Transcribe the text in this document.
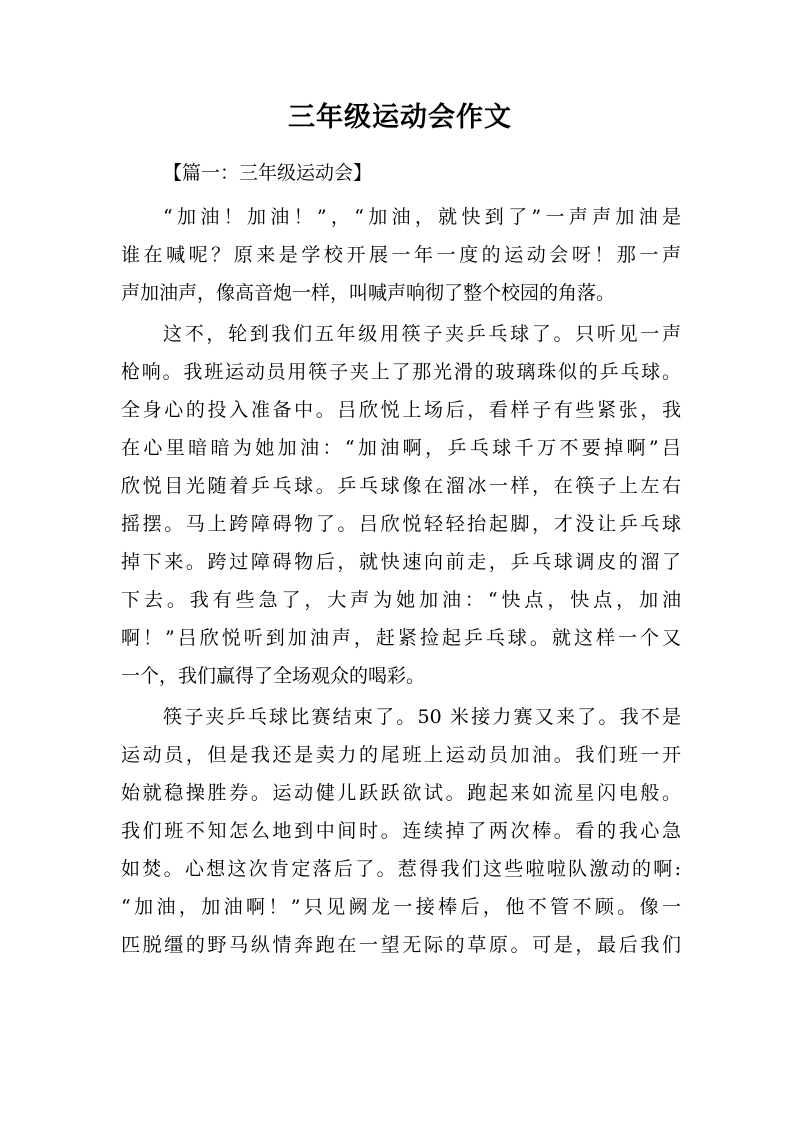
三年级运动会作文
【篇一：三年级运动会】
“加油！加油！”，“加油，就快到了”一声声加油是
谁在喊呢？原来是学校开展一年一度的运动会呀！那一声
声加油声，像高音炮一样，叫喊声响彻了整个校园的角落。
这不，轮到我们五年级用筷子夹乒乓球了。只听见一声
枪响。我班运动员用筷子夹上了那光滑的玻璃珠似的乒乓球。
全身心的投入准备中。吕欣悦上场后，看样子有些紧张，我
在心里暗暗为她加油：“加油啊，乒乓球千万不要掉啊”吕
欣悦目光随着乒乓球。乒乓球像在溜冰一样，在筷子上左右
摇摆。马上跨障碍物了。吕欣悦轻轻抬起脚，才没让乒乓球
掉下来。跨过障碍物后，就快速向前走，乒乓球调皮的溜了
下去。我有些急了，大声为她加油：“快点，快点，加油
啊！”吕欣悦听到加油声，赶紧捡起乒乓球。就这样一个又
一个，我们赢得了全场观众的喝彩。
筷子夹乒乓球比赛结束了。50 米接力赛又来了。我不是
运动员，但是我还是卖力的尾班上运动员加油。我们班一开
始就稳操胜券。运动健儿跃跃欲试。跑起来如流星闪电般。
我们班不知怎么地到中间时。连续掉了两次棒。看的我心急
如焚。心想这次肯定落后了。惹得我们这些啦啦队激动的啊:
“加油，加油啊！”只见阙龙一接棒后，他不管不顾。像一
匹脱缰的野马纵情奔跑在一望无际的草原。可是，最后我们
